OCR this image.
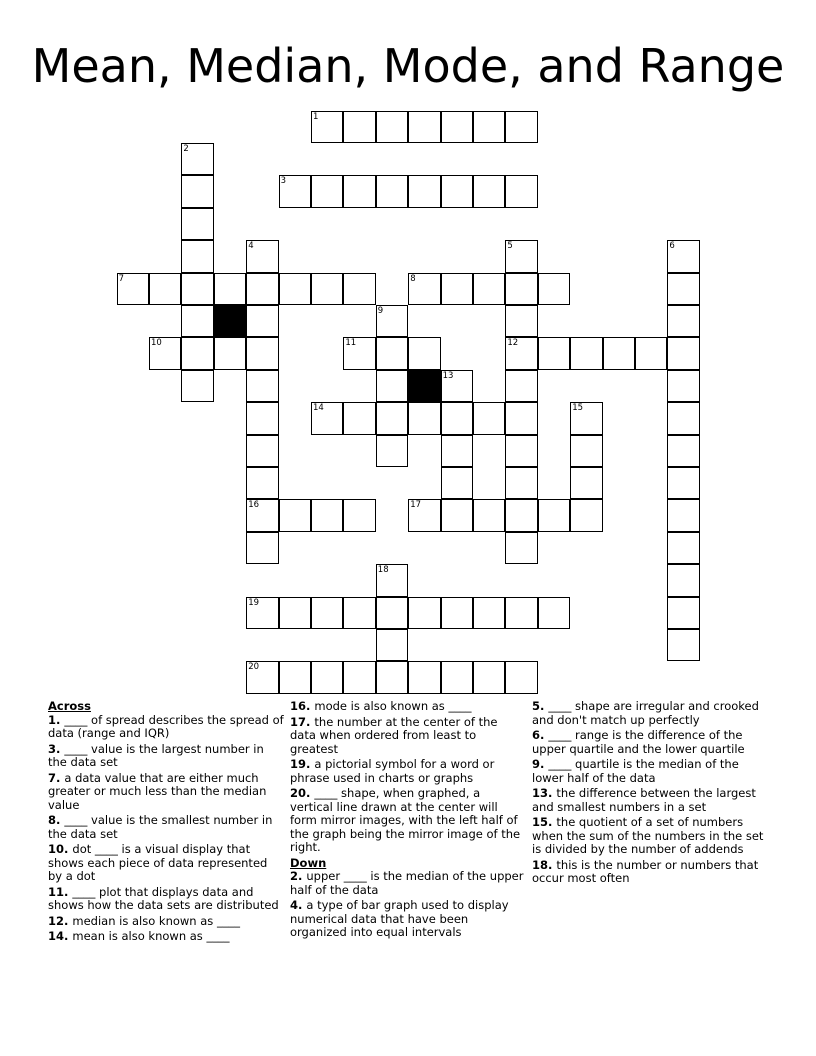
Mean, Median, Mode, and Range
1
2
3
4
16
5
12
6
7	8
9
10	11
13
14	15
17
18
19
20
Across
1. ____ of spread describes the spread of data (range and IQR)
3. ____ value is the largest number in the data set
7. a data value that are either much greater or much less than the median value
8. ____ value is the smallest number in the data set
10. dot ____ is a visual display that shows each piece of data represented by a dot
11. ____ plot that displays data and shows how the data sets are distributed
12. median is also known as ____
14. mean is also known as ____
16. mode is also known as ____
17. the number at the center of the data when ordered from least to greatest
19. a pictorial symbol for a word or phrase used in charts or graphs
20. ____ shape, when graphed, a vertical line drawn at the center will form mirror images, with the left half of the graph being the mirror image of the right.
Down
2. upper ____ is the median of the upper half of the data
4. a type of bar graph used to display numerical data that have been organized into equal intervals
5. ____ shape are irregular and crooked and don't match up perfectly
6. ____ range is the difference of the upper quartile and the lower quartile
9. ____ quartile is the median of the lower half of the data
13. the difference between the largest and smallest numbers in a set
15. the quotient of a set of numbers when the sum of the numbers in the set is divided by the number of addends
18. this is the number or numbers that occur most often
